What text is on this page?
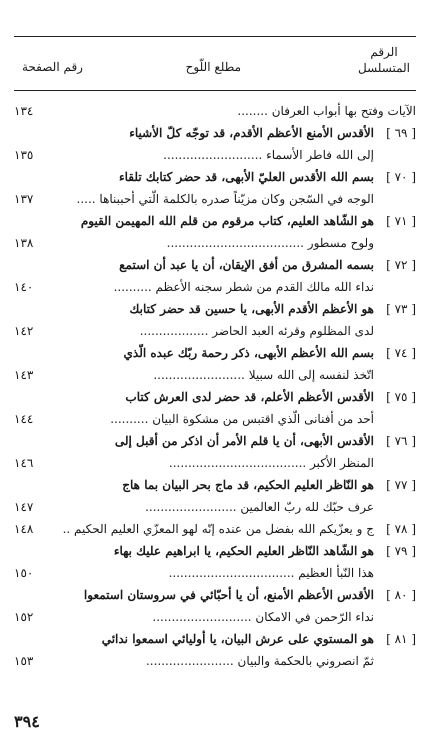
الرقم
المتسلسل
مطلع اللّوح
رقم الصفحة
الآيات وفتح بها أبواب العرفان ........
١٣٤
[ ٦٩ ]
الأقدس الأمنع الأعظم الأقدم، قد توجّه كلّ الأشياء
إلى الله فاطر الأسماء ..........................
١٣٥
[ ٧٠ ]
بسم الله الأقدس العليّ الأبهى، قد حضر كتابك تلقاء
الوجه في السّجن وكان مزيّناً صدره بالكلمة الّتي أحببناها .....
١٣٧
[ ٧١ ]
هو الشّاهد العليم، كتاب مرقوم من قلم الله المهيمن القيوم
ولوح مسطور ....................................
١٣٨
[ ٧٢ ]
بسمه المشرق من أفق الإيقان، أن يا عبد أن استمع
نداء الله مالك القدم من شطر سجنه الأعظم ..........
١٤٠
[ ٧٣ ]
هو الأعظم الأقدم الأبهى، يا حسين قد حضر كتابك
لدى المظلوم وقرئه العبد الحاضر ..................
١٤٢
[ ٧٤ ]
بسم الله الأعظم الأبهى، ذكر رحمة ربّك عبده الّذي
اتّخذ لنفسه إلى الله سبيلا ........................
١٤٣
[ ٧٥ ]
الأقدس الأعظم الأعلم، قد حضر لدى العرش كتاب
أحد من أفنانى الّذي اقتبس من مشكوة البيان ..........
١٤٤
[ ٧٦ ]
الأقدس الأبهى، أن يا قلم الأمر أن اذكر من أقبل إلى
المنظر الأكبر ....................................
١٤٦
[ ٧٧ ]
هو النّاظر العليم الحكيم، قد ماج بحر البيان بما هاج
عرف حبّك لله ربّ العالمين ........................
١٤٧
[ ٧٨ ]
ج و يعزّيكم الله بفضل من عنده إنّه لهو المعزّي العليم الحكيم ..
١٤٨
[ ٧٩ ]
هو الشّاهد النّاظر العليم الحكيم، يا ابراهيم عليك بهاء
هذا النّبأ العظيم .................................
١٥٠
[ ٨٠ ]
الأقدس الأعظم الأمنع، أن يا أحبّائي في سروستان استمعوا
نداء الرّحمن في الامكان ..........................
١٥٢
[ ٨١ ]
هو المستوي على عرش البيان، يا أوليائي اسمعوا ندائي
ثمّ انصروني بالحكمة والبيان .......................
١٥٣
٣٩٤
